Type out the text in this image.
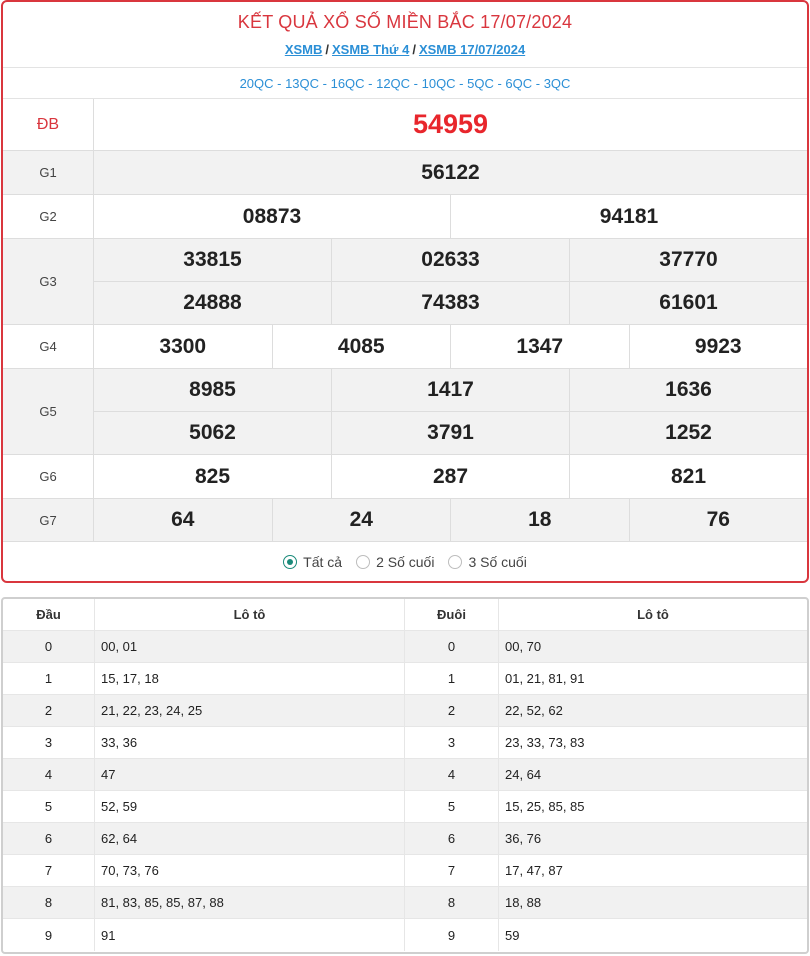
KẾT QUẢ XỔ SỐ MIỀN BẮC 17/07/2024
XSMB / XSMB Thứ 4 / XSMB 17/07/2024
20QC - 13QC - 16QC - 12QC - 10QC - 5QC - 6QC - 3QC
ĐB	54959
G1	56122
G2	08873	94181
G3
33815	02633	37770
24888	74383	61601
G4	3300	4085	1347	9923
G5
8985	1417	1636
5062	3791	1252
G6	825	287	821
G7	64	24	18	76
Tất cả 2 Số cuối 3 Số cuối
Đầu	Lô tô	Đuôi	Lô tô
0	00, 01	0	00, 70
1	15, 17, 18	1	01, 21, 81, 91
2	21, 22, 23, 24, 25	2	22, 52, 62
3	33, 36	3	23, 33, 73, 83
4	47	4	24, 64
5	52, 59	5	15, 25, 85, 85
6	62, 64	6	36, 76
7	70, 73, 76	7	17, 47, 87
8	81, 83, 85, 85, 87, 88	8	18, 88
9	91	9	59
